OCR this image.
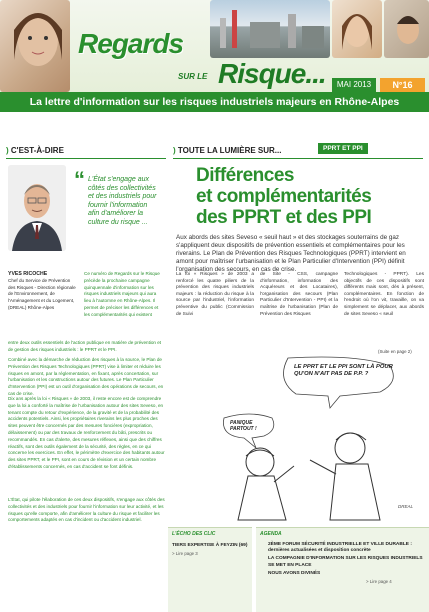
Regards
SUR LE Risque...	MAI 2013	N°16
La lettre d'information sur les risques industriels majeurs en Rhône-Alpes
) C'EST-À-DIRE
“ L'État s'engage aux côtés des collectivités et des industriels pour fournir l'information afin d'améliorer la culture du risque ...
YVES RICOCHE
Chef du Service de Prévention des Risques - Direction régionale de l'Environnement, de l'Aménagement et du Logement, (DREAL) Rhône-Alpes
Ce numéro de Regards sur le Risque précède la prochaine campagne quinquennale d'information sur les risques industriels majeurs qui aura lieu à l'automne en Rhône-Alpes. Il permet de préciser les différences et les complémentarités qui existent
entre deux outils essentiels de l'action publique en matière de prévention et de gestion des risques industriels : le PPRT et le PPI.
Combiné avec la démarche de réduction des risques à la source, le Plan de Prévention des Risques Technologiques (PPRT) vise à limiter et réduire les risques en amont, par la réglementation, en fixant, après concertation, sur l'urbanisation et les constructions autour des futures. Le Plan Particulier d'Intervention (PPI) est un outil d'organisation des opérations de secours, en cas de crise.
Dix ans après la loi « Risques » de 2003, il reste encore est de comprendre que la loi a conforté la maîtrise de l'urbanisation autour des sites Seveso, en tenant compte du retour d'expérience, de la gravité et de la probabilité des accidents potentiels. Ainsi, les propriétaires riverains les plus proches des sites peuvent être concernés par des mesures foncières (expropriation, délaissement) ou par des travaux de renforcement du bâti, prescrits ou recommandés. En cas d'alerte, des mesures réflexes, ainsi que des chiffres réactifs, sont des outils également de la sécurité, des règles, en ce qui concerne les exercices. En effet, le périmètre d'exercice des habitants autour des sites PPRT, et le PPI, sont en cours de révision et un certain nombre d'établissements concernés, en cas d'accident se font définis.
L'État, qui pilote l'élaboration de ces deux dispositifs, s'engage aux côtés des collectivités et des industriels pour fournir l'information sur leur activité, et les risques qu'elle comporte, afin d'améliorer la culture du risque et faciliter les comportements adaptés en cas d'incident ou d'accident industriel.
) TOUTE LA LUMIÈRE SUR...	PPRT ET PPI
Différences
et complémentarités
des PPRT et des PPI
Aux abords des sites Seveso « seuil haut » et des stockages souterrains de gaz s'appliquent deux dispositifs de prévention essentiels et complémentaires pour les riverains. Le Plan de Prévention des Risques Technologiques (PPRT) intervient en amont pour maîtriser l'urbanisation et le Plan Particulier d'Intervention (PPI) définit l'organisation des secours, en cas de crise.
La loi « Risques » de 2003 a renforcé les quatre piliers de la prévention des risques industriels majeurs : la réduction du risque à la source par l'industriel, l'information préventive du public (Commission de Suivi
de Site - CSS, campagne d'information, information des Acquéreurs et des Locataires), l'organisation des secours (Plan Particulier d'Intervention - PPI) et la maîtrise de l'urbanisation (Plan de Prévention des Risques
Technologiques - PPRT). Les objectifs de ces dispositifs sont différents mais sont, dès à présent, complémentaires. En fonction de l'endroit où l'on vit, travaille, on va simplement se déplacer, aux abords de sites Seveso « seuil
(Suite en page 2)
LE PPRT ET LE PPI SONT LÀ POUR QU'ON N'AIT PAS DE P.P. ?
PANIQUE PARTOUT !
DREAL
L'ÉCHO DES CLIC
TIERS EXPERTISE À FEYZIN (69)
> Lire page 3
AGENDA
2ÈME FORUM SÉCURITÉ INDUSTRIELLE ET VILLE DURABLE : dernières actualisées et disposition concrète
LA COMPAGNIE D'INFORMATION SUR LES RISQUES INDUSTRIELS SE MET EN PLACE
NOUS AVONS DIVINÉS
> Lire page 4
